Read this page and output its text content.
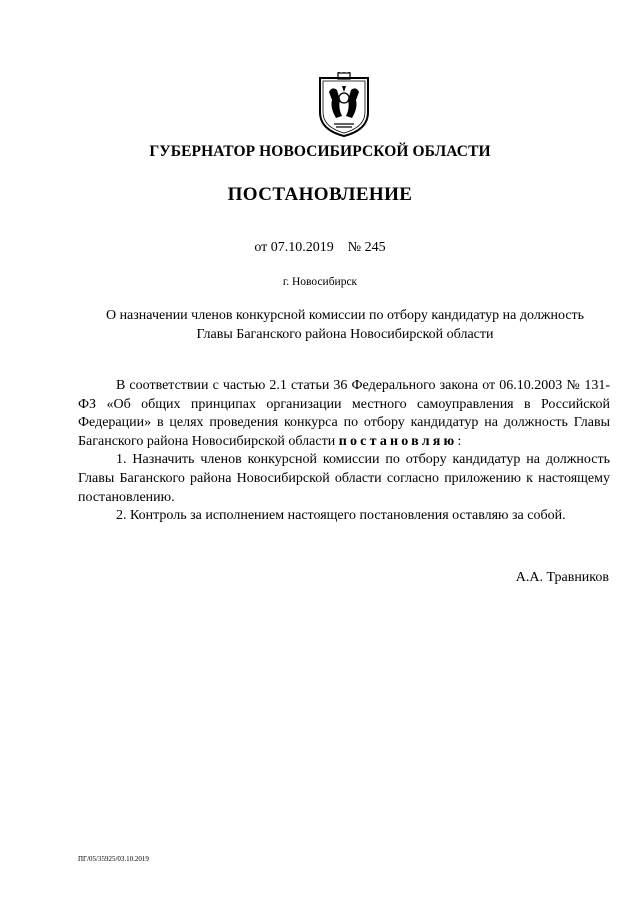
ГУБЕРНАТОР НОВОСИБИРСКОЙ ОБЛАСТИ
ПОСТАНОВЛЕНИЕ
от 07.10.2019 № 245
г. Новосибирск
О назначении членов конкурсной комиссии по отбору кандидатур на должность
Главы Баганского района Новосибирской области

В соответствии с частью 2.1 статьи 36 Федерального закона от 06.10.2003 № 131-ФЗ «Об общих принципах организации местного самоуправления в Российской Федерации» в целях проведения конкурса по отбору кандидатур на должность Главы Баганского района Новосибирской области постановляю:

1. Назначить членов конкурсной комиссии по отбору кандидатур на должность Главы Баганского района Новосибирской области согласно приложению к настоящему постановлению.

2. Контроль за исполнением настоящего постановления оставляю за собой.

А.А. Травников
ПГ/05/35925/03.10.2019
